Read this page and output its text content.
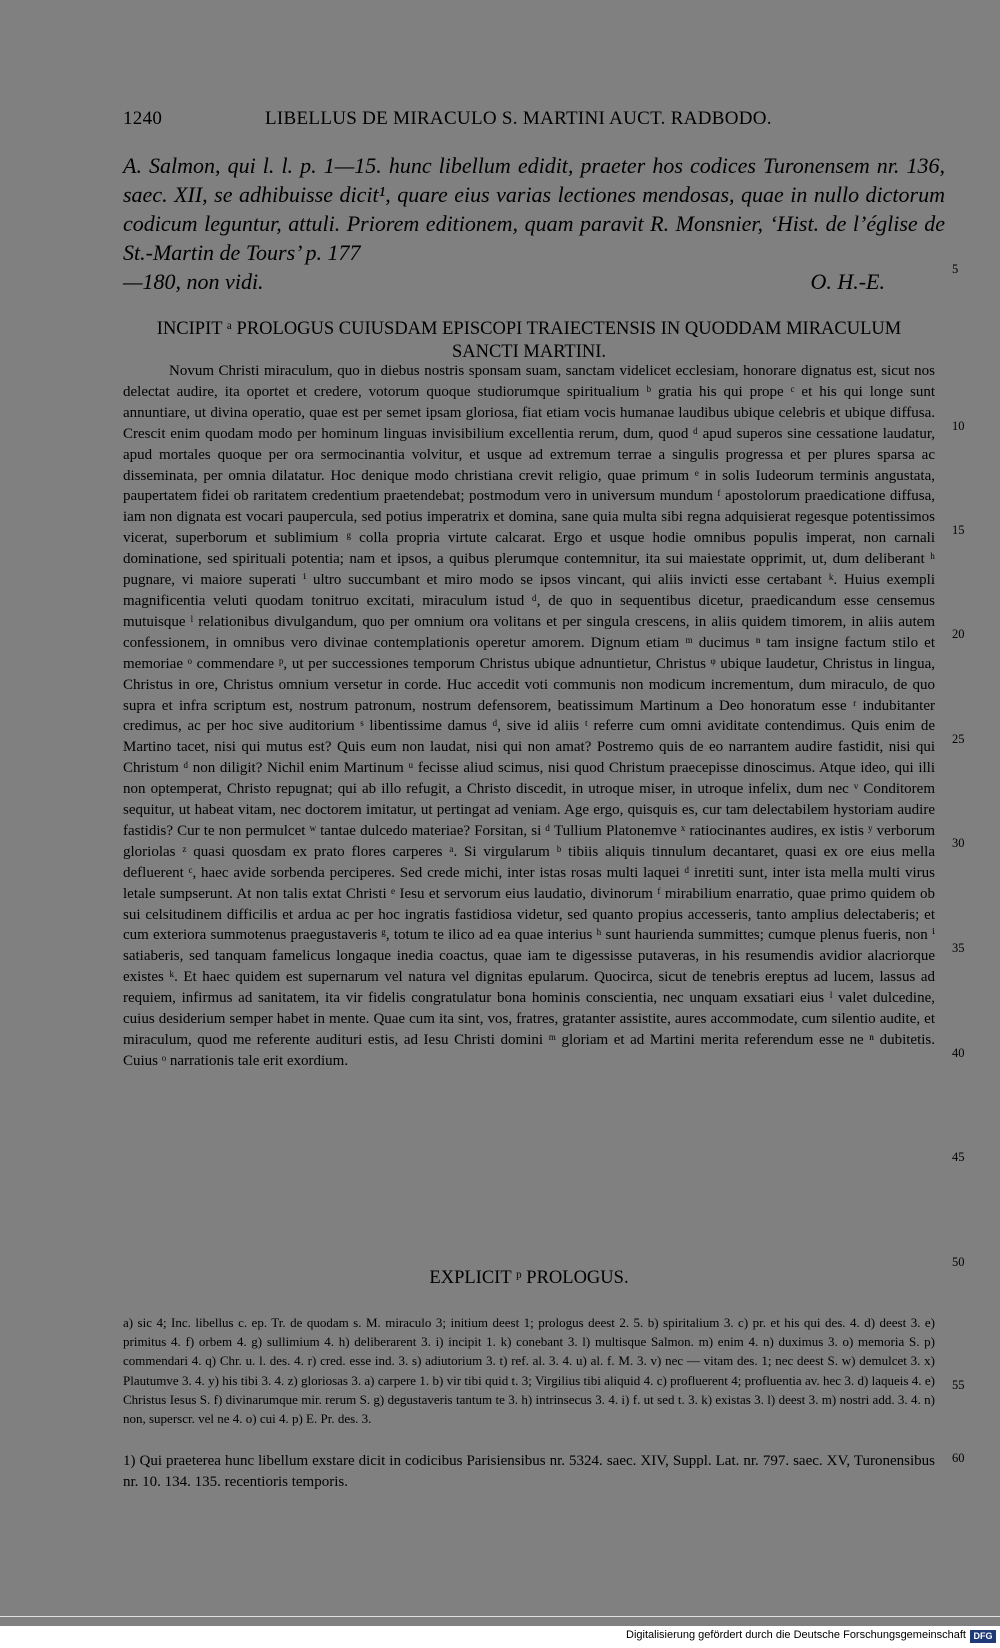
1240	LIBELLUS DE MIRACULO S. MARTINI AUCT. RADBODO.

A. Salmon, qui l. l. p. 1—15. hunc libellum edidit, praeter hos codices Turonensem nr. 136, saec. XII, se adhibuisse dicit¹, quare eius varias lectiones mendosas, quae in nullo dictorum codicum leguntur, attuli. Priorem editionem, quam paravit R. Monsnier, ‘Hist. de l’église de St.-Martin de Tours’ p. 177
—180, non vidi.	O. H.-E.

INCIPIT ᵃ PROLOGUS CUIUSDAM EPISCOPI TRAIECTENSIS IN QUODDAM MIRACULUM SANCTI MARTINI.

Novum Christi miraculum, quo in diebus nostris sponsam suam, sanctam videlicet ecclesiam, honorare dignatus est, sicut nos delectat audire, ita oportet et credere, votorum quoque studiorumque spiritualium ᵇ gratia his qui prope ᶜ et his qui longe sunt annuntiare, ut divina operatio, quae est per semet ipsam gloriosa, fiat etiam vocis humanae laudibus ubique celebris et ubique diffusa. Crescit enim quodam modo per hominum linguas invisibilium excellentia rerum, dum, quod ᵈ apud superos sine cessatione laudatur, apud mortales quoque per ora sermocinantia volvitur, et usque ad extremum terrae a singulis progressa et per plures sparsa ac disseminata, per omnia dilatatur. Hoc denique modo christiana crevit religio, quae primum ᵉ in solis Iudeorum terminis angustata, paupertatem fidei ob raritatem credentium praetendebat; postmodum vero in universum mundum ᶠ apostolorum praedicatione diffusa, iam non dignata est vocari paupercula, sed potius imperatrix et domina, sane quia multa sibi regna adquisierat regesque potentissimos vicerat, superborum et sublimium ᵍ colla propria virtute calcarat. Ergo et usque hodie omnibus populis imperat, non carnali dominatione, sed spirituali potentia; nam et ipsos, a quibus plerumque contemnitur, ita sui maiestate opprimit, ut, dum deliberant ʰ pugnare, vi maiore superati ⁱ ultro succumbant et miro modo se ipsos vincant, qui aliis invicti esse certabant ᵏ. Huius exempli magnificentia veluti quodam tonitruo excitati, miraculum istud ᵈ, de quo in sequentibus dicetur, praedicandum esse censemus mutuisque ˡ relationibus divulgandum, quo per omnium ora volitans et per singula crescens, in aliis quidem timorem, in aliis autem confessionem, in omnibus vero divinae contemplationis operetur amorem. Dignum etiam ᵐ ducimus ⁿ tam insigne factum stilo et memoriae ᵒ commendare ᵖ, ut per successiones temporum Christus ubique adnuntietur, Christus ᵠ ubique laudetur, Christus in lingua, Christus in ore, Christus omnium versetur in corde. Huc accedit voti communis non modicum incrementum, dum miraculo, de quo supra et infra scriptum est, nostrum patronum, nostrum defensorem, beatissimum Martinum a Deo honoratum esse ʳ indubitanter credimus, ac per hoc sive auditorium ˢ libentissime damus ᵈ, sive id aliis ᵗ referre cum omni aviditate contendimus. Quis enim de Martino tacet, nisi qui mutus est? Quis eum non laudat, nisi qui non amat? Postremo quis de eo narrantem audire fastidit, nisi qui Christum ᵈ non diligit? Nichil enim Martinum ᵘ fecisse aliud scimus, nisi quod Christum praecepisse dinoscimus. Atque ideo, qui illi non optemperat, Christo repugnat; qui ab illo refugit, a Christo discedit, in utroque miser, in utroque infelix, dum nec ᵛ Conditorem sequitur, ut habeat vitam, nec doctorem imitatur, ut pertingat ad veniam. Age ergo, quisquis es, cur tam delectabilem hystoriam audire fastidis? Cur te non permulcet ʷ tantae dulcedo materiae? Forsitan, si ᵈ Tullium Platonemve ˣ ratiocinantes audires, ex istis ʸ verborum gloriolas ᶻ quasi quosdam ex prato flores carperes ᵃ. Si virgularum ᵇ tibiis aliquis tinnulum decantaret, quasi ex ore eius mella defluerent ᶜ, haec avide sorbenda perciperes. Sed crede michi, inter istas rosas multi laquei ᵈ inretiti sunt, inter ista mella multi virus letale sumpserunt. At non talis extat Christi ᵉ Iesu et servorum eius laudatio, divinorum ᶠ mirabilium enarratio, quae primo quidem ob sui celsitudinem difficilis et ardua ac per hoc ingratis fastidiosa videtur, sed quanto propius accesseris, tanto amplius delectaberis; et cum exteriora summotenus praegustaveris ᵍ, totum te ilico ad ea quae interius ʰ sunt haurienda summittes; cumque plenus fueris, non ⁱ satiaberis, sed tanquam famelicus longaque inedia coactus, quae iam te digessisse putaveras, in his resumendis avidior alacriorque existes ᵏ. Et haec quidem est supernarum vel natura vel dignitas epularum. Quocirca, sicut de tenebris ereptus ad lucem, lassus ad requiem, infirmus ad sanitatem, ita vir fidelis congratulatur bona hominis conscientia, nec unquam exsatiari eius ˡ valet dulcedine, cuius desiderium semper habet in mente. Quae cum ita sint, vos, fratres, gratanter assistite, aures accommodate, cum silentio audite, et miraculum, quod me referente audituri estis, ad Iesu Christi domini ᵐ gloriam et ad Martini merita referendum esse ne ⁿ dubitetis. Cuius ᵒ narrationis tale erit exordium.

EXPLICIT ᵖ PROLOGUS.

a) sic 4; Inc. libellus c. ep. Tr. de quodam s. M. miraculo 3; initium deest 1; prologus deest 2. 5. b) spiritalium 3. c) pr. et his qui des. 4. d) deest 3. e) primitus 4. f) orbem 4. g) sullimium 4. h) deliberarent 3. i) incipit 1. k) conebant 3. l) multisque Salmon. m) enim 4. n) duximus 3. o) memoria S. p) commendari 4. q) Chr. u. l. des. 4. r) cred. esse ind. 3. s) adiutorium 3. t) ref. al. 3. 4. u) al. f. M. 3. v) nec — vitam des. 1; nec deest S. w) demulcet 3. x) Plautumve 3. 4. y) his tibi 3. 4. z) gloriosas 3. a) carpere 1. b) vir tibi quid t. 3; Virgilius tibi aliquid 4. c) profluerent 4; profluentia av. hec 3. d) laqueis 4. e) Christus Iesus S. f) divinarumque mir. rerum S. g) degustaveris tantum te 3. h) intrinsecus 3. 4. i) f. ut sed t. 3. k) existas 3. l) deest 3. m) nostri add. 3. 4. n) non, superscr. vel ne 4. o) cui 4. p) E. Pr. des. 3.

1) Qui praeterea hunc libellum exstare dicit in codicibus Parisiensibus nr. 5324. saec. XIV, Suppl. Lat. nr. 797. saec. XV, Turonensibus nr. 10. 134. 135. recentioris temporis.

5
10
15
20
25
30
35
40
45
50
55
60
Digitalisierung gefördert durch die Deutsche Forschungsgemeinschaft DFG
